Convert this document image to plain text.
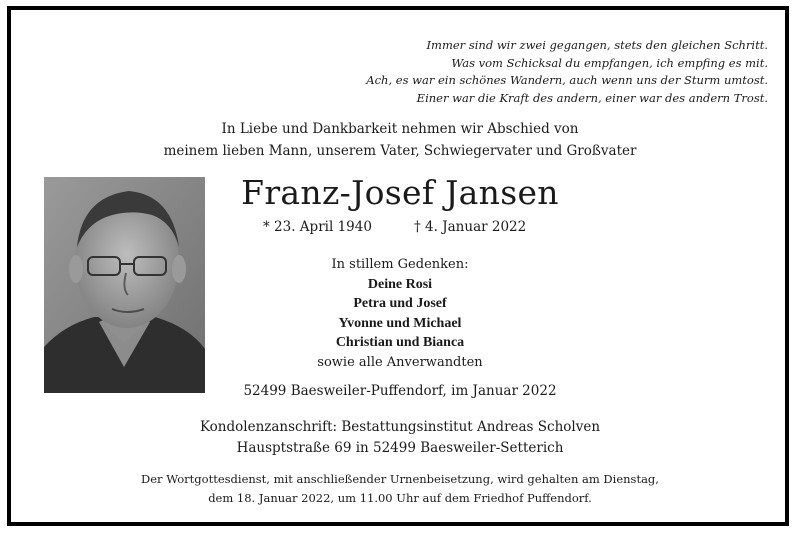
Immer sind wir zwei gegangen, stets den gleichen Schritt.
Was vom Schicksal du empfangen, ich empfing es mit.
Ach, es war ein schönes Wandern, auch wenn uns der Sturm umtost.
Einer war die Kraft des andern, einer war des andern Trost.
In Liebe und Dankbarkeit nehmen wir Abschied von
meinem lieben Mann, unserem Vater, Schwiegervater und Großvater
Franz-Josef Jansen
* 23. April 1940	† 4. Januar 2022
In stillem Gedenken:
Deine Rosi
Petra und Josef
Yvonne und Michael
Christian und Bianca
sowie alle Anverwandten
52499 Baesweiler-Puffendorf, im Januar 2022
Kondolenzanschrift: Bestattungsinstitut Andreas Scholven
Hausptstraße 69 in 52499 Baesweiler-Setterich
Der Wortgottesdienst, mit anschließender Urnenbeisetzung, wird gehalten am Dienstag,
dem 18. Januar 2022, um 11.00 Uhr auf dem Friedhof Puffendorf.
